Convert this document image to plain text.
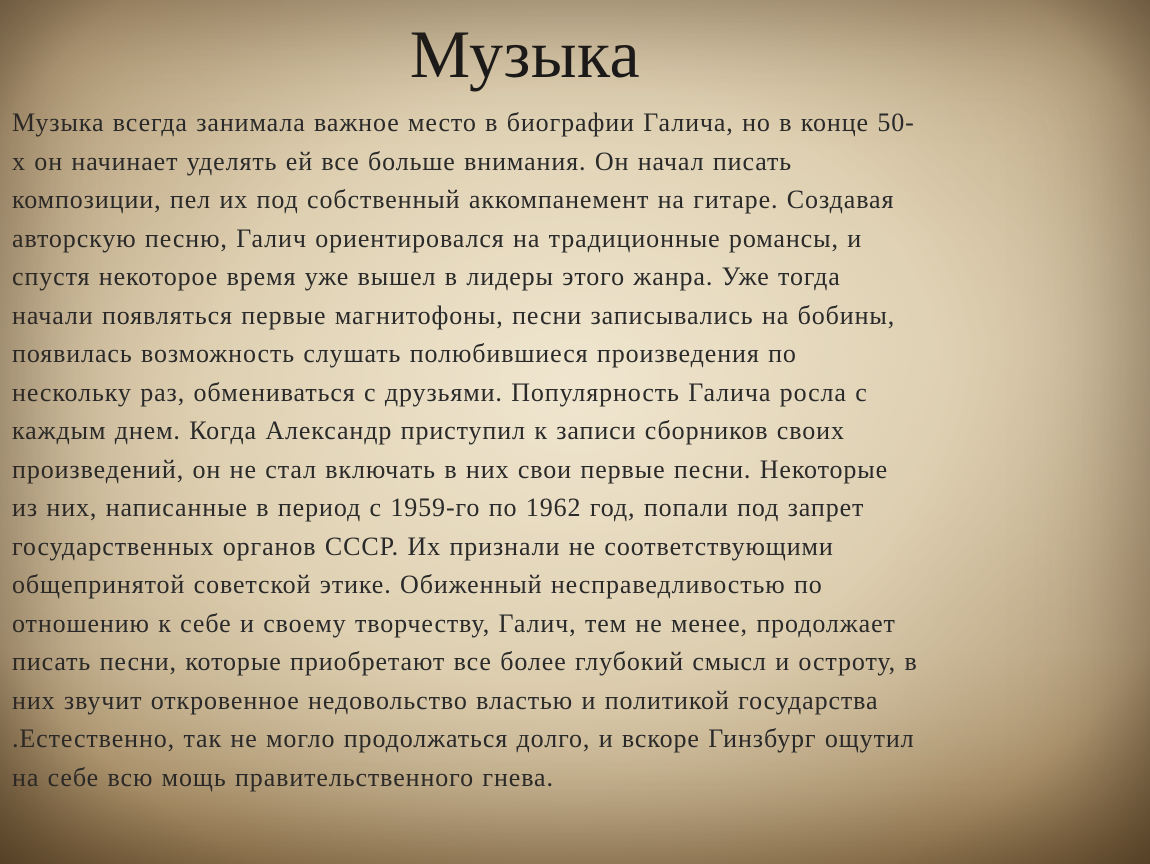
Музыка
Музыка всегда занимала важное место в биографии Галича, но в конце 50-
х он начинает уделять ей все больше внимания. Он начал писать
композиции, пел их под собственный аккомпанемент на гитаре. Создавая
авторскую песню, Галич ориентировался на традиционные романсы, и
спустя некоторое время уже вышел в лидеры этого жанра. Уже тогда
начали появляться первые магнитофоны, песни записывались на бобины,
появилась возможность слушать полюбившиеся произведения по
нескольку раз, обмениваться с друзьями. Популярность Галича росла с
каждым днем. Когда Александр приступил к записи сборников своих
произведений, он не стал включать в них свои первые песни. Некоторые
из них, написанные в период с 1959-го по 1962 год, попали под запрет
государственных органов СССР. Их признали не соответствующими
общепринятой советской этике. Обиженный несправедливостью по
отношению к себе и своему творчеству, Галич, тем не менее, продолжает
писать песни, которые приобретают все более глубокий смысл и остроту, в
них звучит откровенное недовольство властью и политикой государства
.Естественно, так не могло продолжаться долго, и вскоре Гинзбург ощутил
на себе всю мощь правительственного гнева.
